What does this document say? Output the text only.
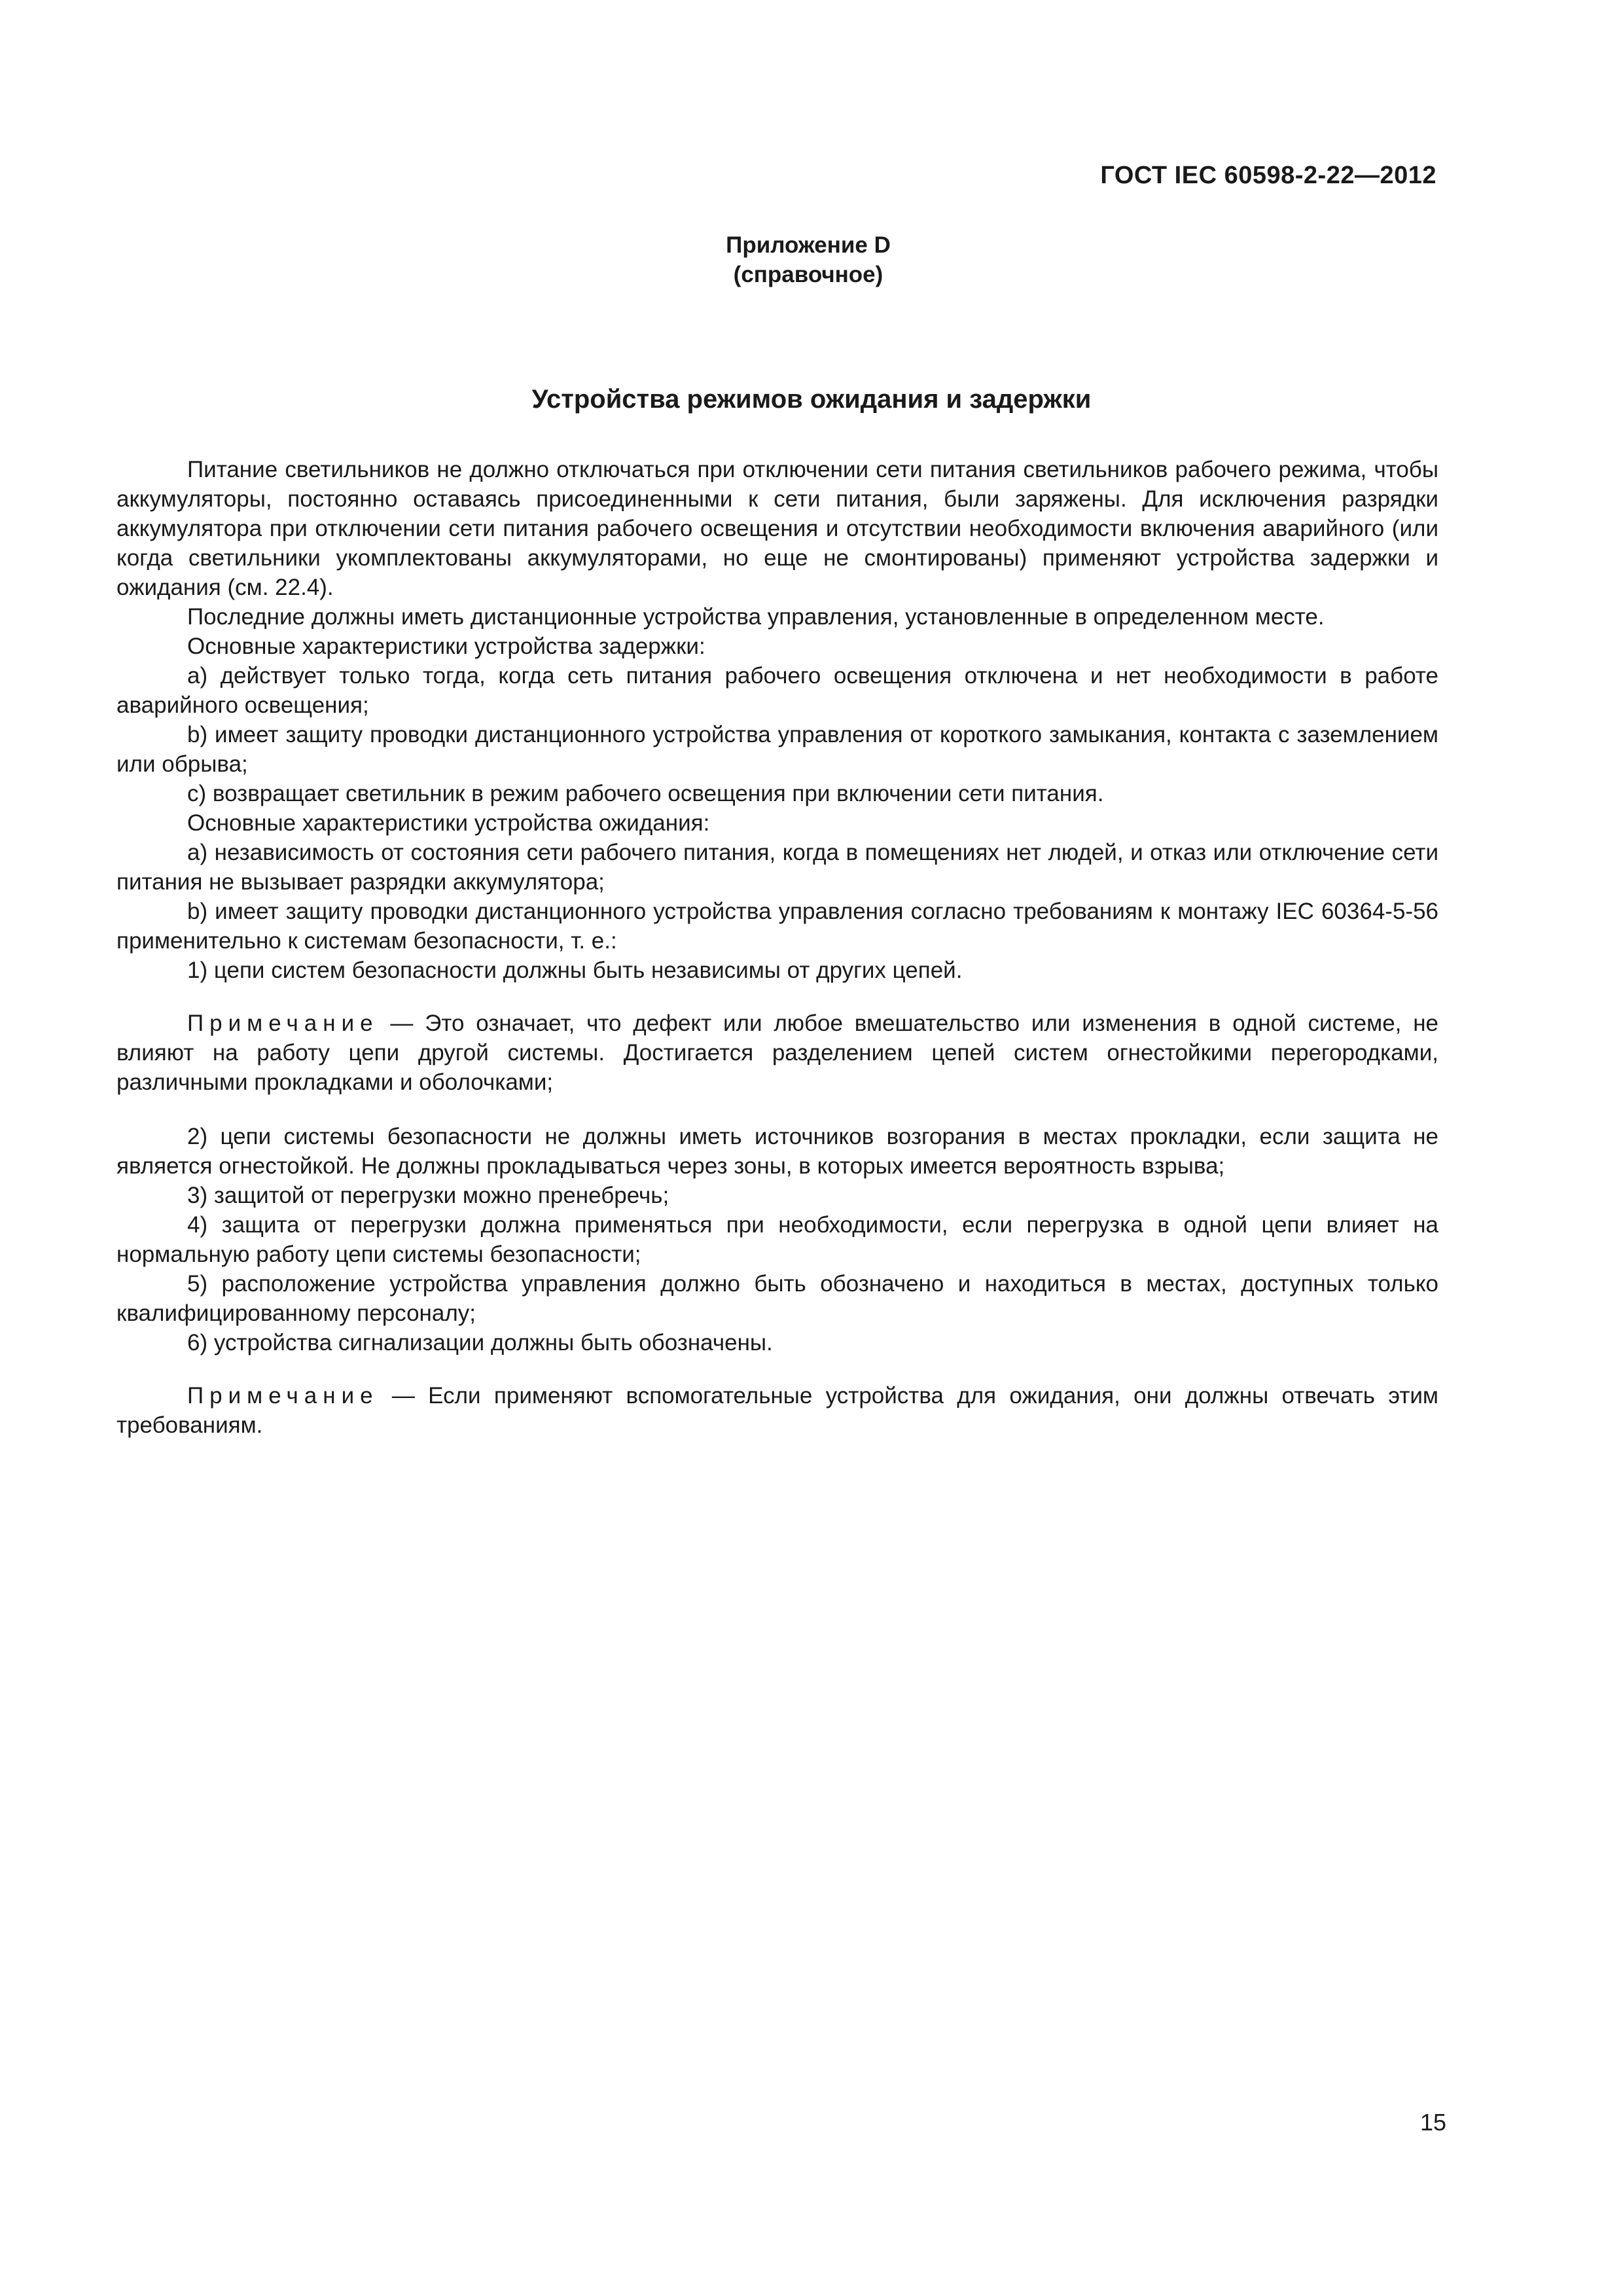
ГОСТ IEC 60598-2-22—2012
Приложение D
(справочное)
Устройства режимов ожидания и задержки

Питание светильников не должно отключаться при отключении сети питания светильников рабочего режима, чтобы аккумуляторы, постоянно оставаясь присоединенными к сети питания, были заряжены. Для исключения разрядки аккумулятора при отключении сети питания рабочего освещения и отсутствии необходимости включения аварийного (или когда светильники укомплектованы аккумуляторами, но еще не смонтированы) применяют устройства задержки и ожидания (см. 22.4).

Последние должны иметь дистанционные устройства управления, установленные в определенном месте.

Основные характеристики устройства задержки:

a) действует только тогда, когда сеть питания рабочего освещения отключена и нет необходимости в работе аварийного освещения;

b) имеет защиту проводки дистанционного устройства управления от короткого замыкания, контакта с заземлением или обрыва;

c) возвращает светильник в режим рабочего освещения при включении сети питания.

Основные характеристики устройства ожидания:

a) независимость от состояния сети рабочего питания, когда в помещениях нет людей, и отказ или отключение сети питания не вызывает разрядки аккумулятора;

b) имеет защиту проводки дистанционного устройства управления согласно требованиям к монтажу IEC 60364-5-56 применительно к системам безопасности, т. е.:

1) цепи систем безопасности должны быть независимы от других цепей.

Примечание — Это означает, что дефект или любое вмешательство или изменения в одной системе, не влияют на работу цепи другой системы. Достигается разделением цепей систем огнестойкими перегородками, различными прокладками и оболочками;

2) цепи системы безопасности не должны иметь источников возгорания в местах прокладки, если защита не является огнестойкой. Не должны прокладываться через зоны, в которых имеется вероятность взрыва;

3) защитой от перегрузки можно пренебречь;

4) защита от перегрузки должна применяться при необходимости, если перегрузка в одной цепи влияет на нормальную работу цепи системы безопасности;

5) расположение устройства управления должно быть обозначено и находиться в местах, доступных только квалифицированному персоналу;

6) устройства сигнализации должны быть обозначены.

Примечание — Если применяют вспомогательные устройства для ожидания, они должны отвечать этим требованиям.

15
